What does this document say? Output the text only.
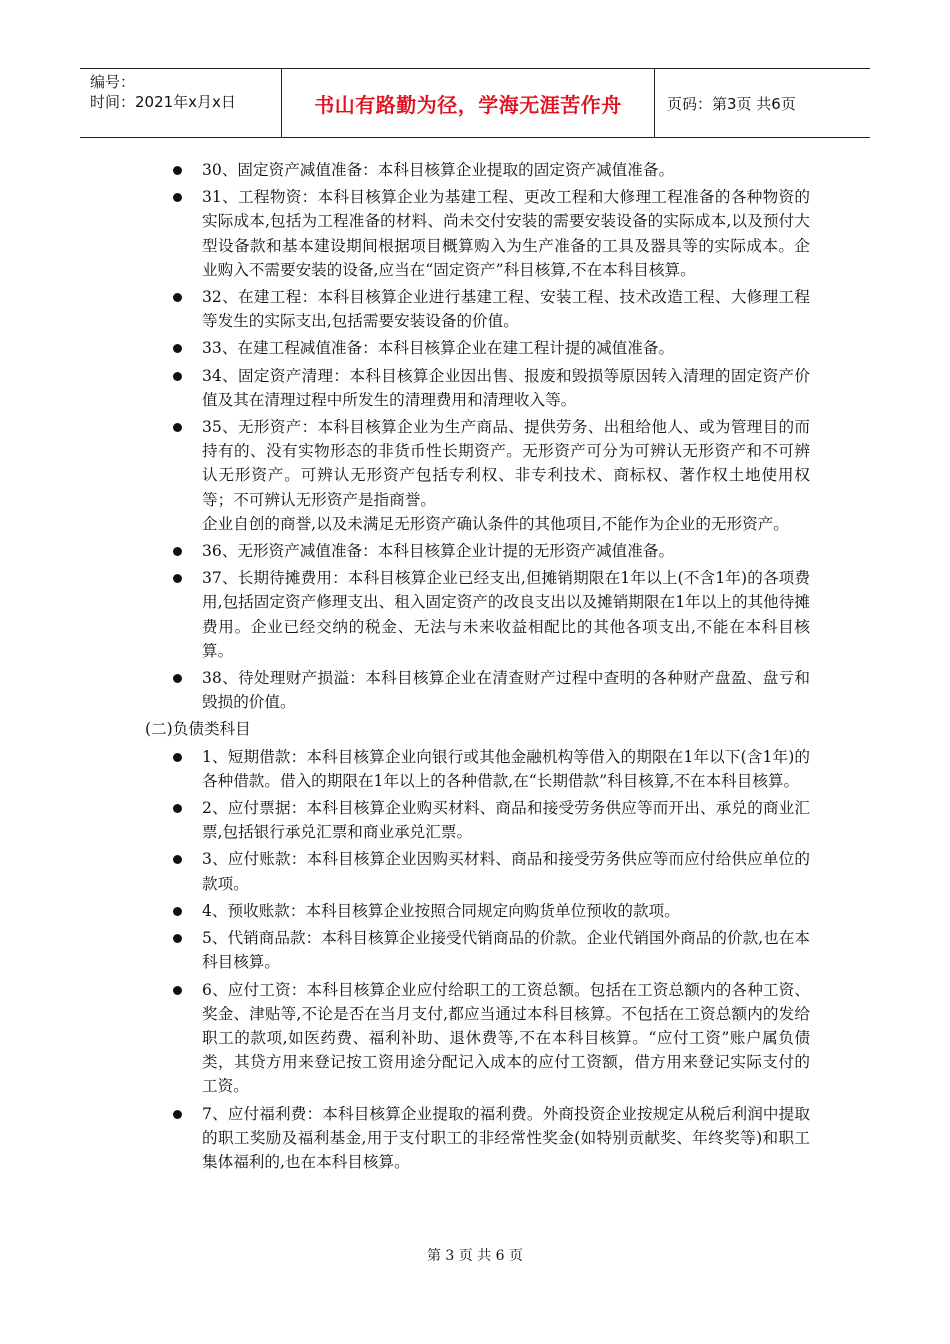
编号：
时间：2021年x月x日	书山有路勤为径，学海无涯苦作舟	页码：第3页 共6页
30、固定资产减值准备：本科目核算企业提取的固定资产减值准备。
31、工程物资：本科目核算企业为基建工程、更改工程和大修理工程准备的各种物资的实际成本,包括为工程准备的材料、尚未交付安装的需要安装设备的实际成本,以及预付大型设备款和基本建设期间根据项目概算购入为生产准备的工具及器具等的实际成本。企业购入不需要安装的设备,应当在“固定资产”科目核算,不在本科目核算。
32、在建工程：本科目核算企业进行基建工程、安装工程、技术改造工程、大修理工程等发生的实际支出,包括需要安装设备的价值。
33、在建工程减值准备：本科目核算企业在建工程计提的减值准备。
34、固定资产清理：本科目核算企业因出售、报废和毁损等原因转入清理的固定资产价值及其在清理过程中所发生的清理费用和清理收入等。
35、无形资产：本科目核算企业为生产商品、提供劳务、出租给他人、或为管理目的而持有的、没有实物形态的非货币性长期资产。无形资产可分为可辨认无形资产和不可辨认无形资产。可辨认无形资产包括专利权、非专利技术、商标权、著作权土地使用权等；不可辨认无形资产是指商誉。
企业自创的商誉,以及未满足无形资产确认条件的其他项目,不能作为企业的无形资产。
36、无形资产减值准备：本科目核算企业计提的无形资产减值准备。
37、长期待摊费用：本科目核算企业已经支出,但摊销期限在1年以上(不含1年)的各项费用,包括固定资产修理支出、租入固定资产的改良支出以及摊销期限在1年以上的其他待摊费用。企业已经交纳的税金、无法与未来收益相配比的其他各项支出,不能在本科目核算。
38、待处理财产损溢：本科目核算企业在清查财产过程中查明的各种财产盘盈、盘亏和毁损的价值。
(二)负债类科目
1、短期借款：本科目核算企业向银行或其他金融机构等借入的期限在1年以下(含1年)的各种借款。借入的期限在1年以上的各种借款,在“长期借款”科目核算,不在本科目核算。
2、应付票据：本科目核算企业购买材料、商品和接受劳务供应等而开出、承兑的商业汇票,包括银行承兑汇票和商业承兑汇票。
3、应付账款：本科目核算企业因购买材料、商品和接受劳务供应等而应付给供应单位的款项。
4、预收账款：本科目核算企业按照合同规定向购货单位预收的款项。
5、代销商品款：本科目核算企业接受代销商品的价款。企业代销国外商品的价款,也在本科目核算。
6、应付工资：本科目核算企业应付给职工的工资总额。包括在工资总额内的各种工资、奖金、津贴等,不论是否在当月支付,都应当通过本科目核算。不包括在工资总额内的发给职工的款项,如医药费、福利补助、退休费等,不在本科目核算。“应付工资”账户属负债类，其贷方用来登记按工资用途分配记入成本的应付工资额，借方用来登记实际支付的工资。
7、应付福利费：本科目核算企业提取的福利费。外商投资企业按规定从税后利润中提取的职工奖励及福利基金,用于支付职工的非经常性奖金(如特别贡献奖、年终奖等)和职工集体福利的,也在本科目核算。
第 3 页 共 6 页
